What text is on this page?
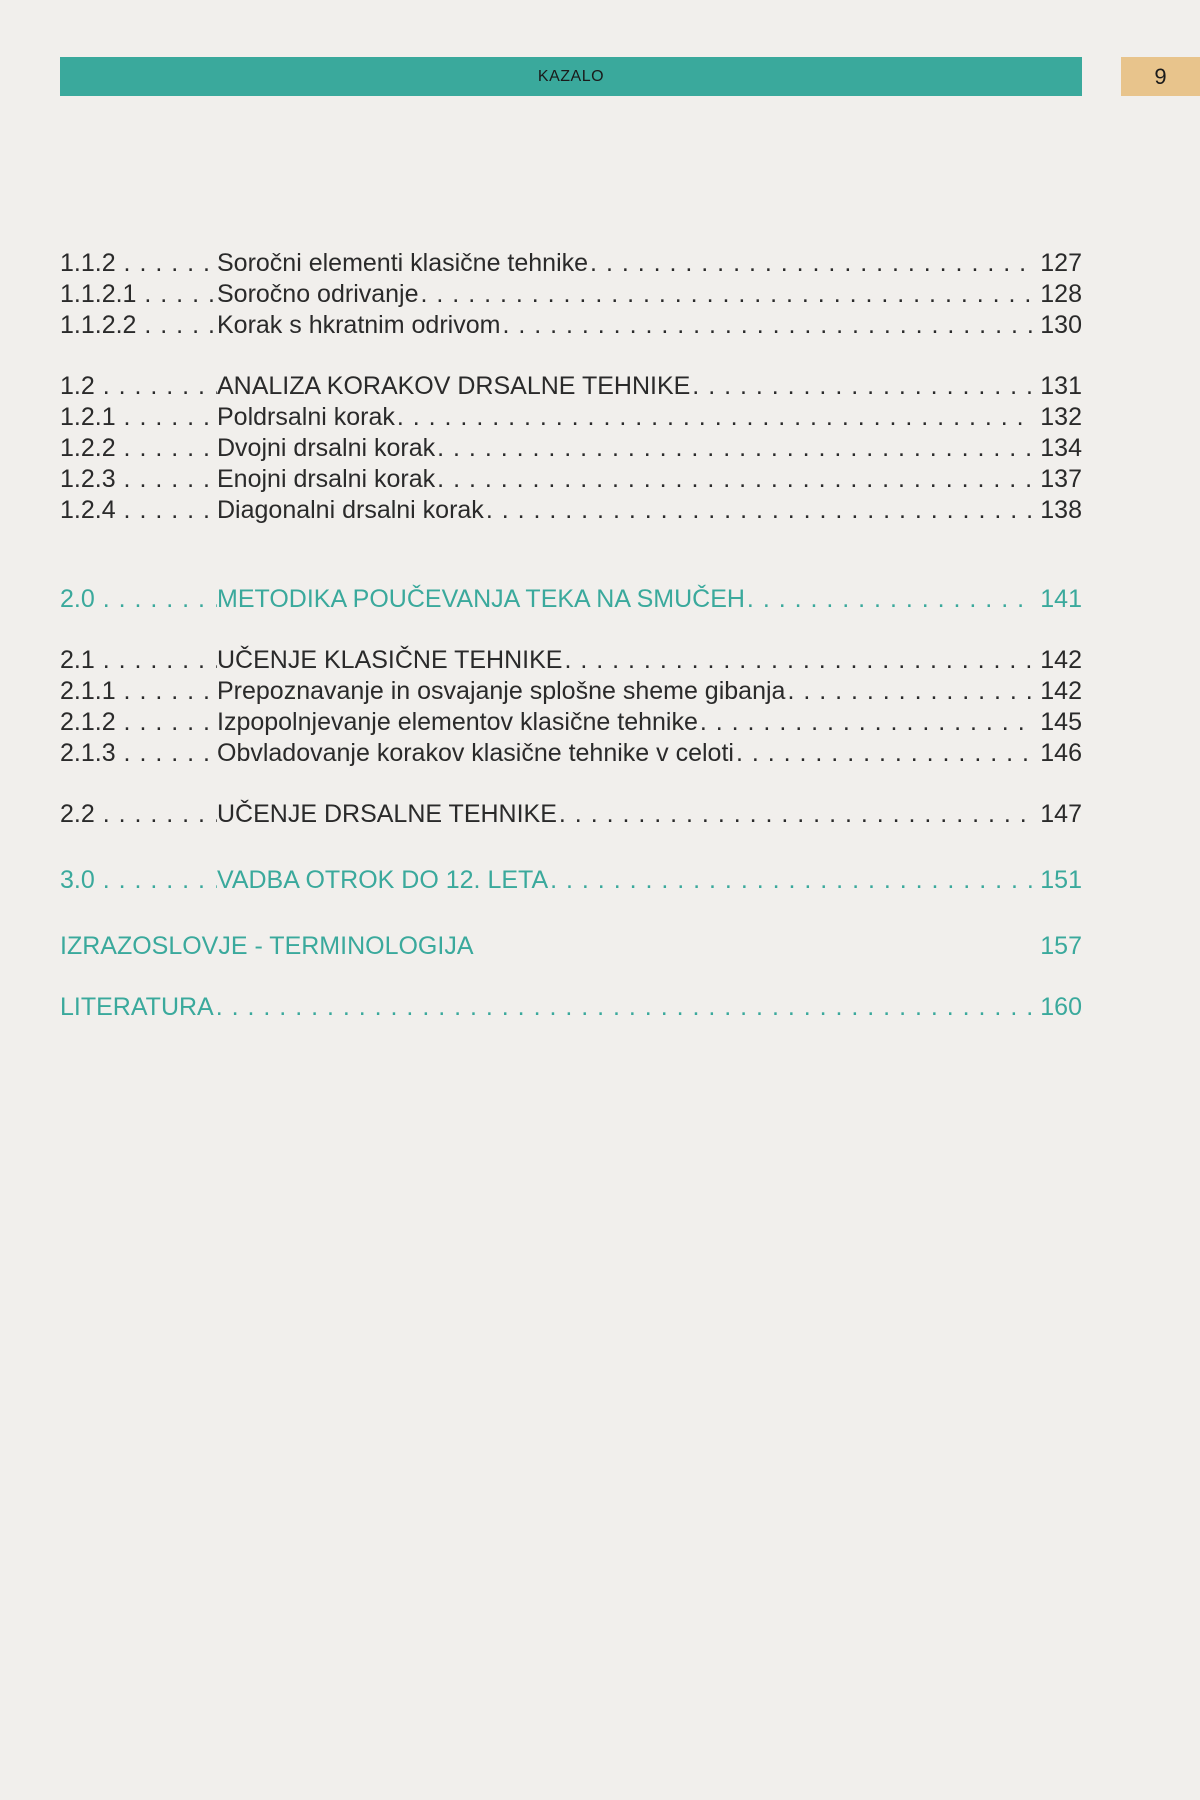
KAZALO	9
1.1.2 . . .	Soročni elementi klasične tehnike . . .	127
1.1.2.1 . . .	Soročno odrivanje . . .	128
1.1.2.2 . . .	Korak s hkratnim odrivom . . .	130
1.2 . . .	ANALIZA KORAKOV DRSALNE TEHNIKE . . .	131
1.2.1 . . .	Poldrsalni korak . . .	132
1.2.2 . . .	Dvojni drsalni korak . . .	134
1.2.3 . . .	Enojni drsalni korak . . .	137
1.2.4 . . .	Diagonalni drsalni korak . . .	138
2.0 . . .	METODIKA POUČEVANJA TEKA NA SMUČEH . . .	141
2.1 . . .	UČENJE KLASIČNE TEHNIKE . . .	142
2.1.1 . . .	Prepoznavanje in osvajanje splošne sheme gibanja . . .	142
2.1.2 . . .	Izpopolnjevanje elementov klasične tehnike . . .	145
2.1.3 . . .	Obvladovanje korakov klasične tehnike v celoti . . .	146
2.2 . . .	UČENJE DRSALNE TEHNIKE . . .	147
3.0 . . .	VADBA OTROK DO 12. LETA . . .	151
IZRAZOSLOVJE - TERMINOLOGIJA	157
LITERATURA . . .	160
